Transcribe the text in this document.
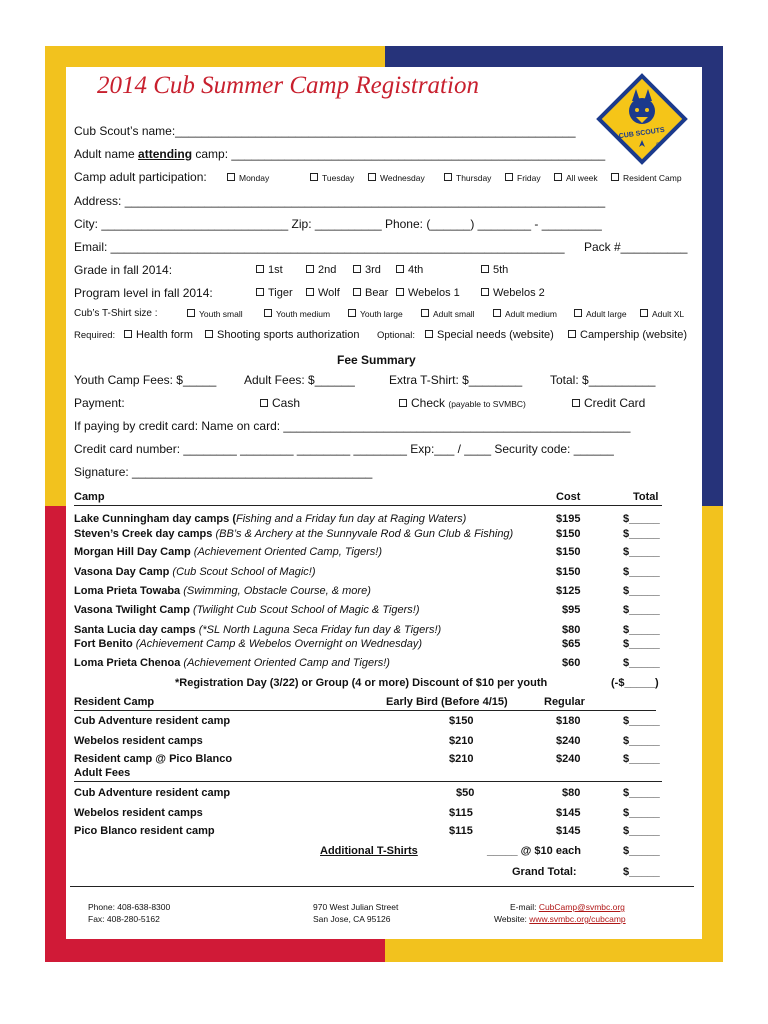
2014 Cub Summer Camp Registration
CUB SCOUTS
®
Cub Scout’s name:____________________________________________________________
Adult name attending camp: ________________________________________________________
Camp adult participation:	Monday	Tuesday	Wednesday	Thursday	Friday	All week	Resident Camp
Address: ________________________________________________________________________
City: ____________________________ Zip: __________ Phone: (______) ________ - _________
Email: ____________________________________________________________________ Pack #__________
Grade in fall 2014:	1st	2nd	3rd	4th	5th
Program level in fall 2014:	Tiger	Wolf	Bear	Webelos 1	Webelos 2
Cub’s T-Shirt size :	Youth small	Youth medium	Youth large	Adult small	Adult medium	Adult large	Adult XL
Required:	Health form	Shooting sports authorization Optional:	Special needs (website)	Campership (website)
Fee Summary
Youth Camp Fees: $_____ Adult Fees: $______	Extra T-Shirt: $________ Total: $__________
Payment:	Cash	Check (payable to SVMBC)	Credit Card
If paying by credit card: Name on card: ____________________________________________________
Credit card number: ________ ________ ________ ________ Exp:___ / ____ Security code: ______
Signature: ____________________________________
Camp	Cost	Total
Lake Cunningham day camps (Fishing and a Friday fun day at Raging Waters)	$195	$_____
Steven’s Creek day camps (BB’s & Archery at the Sunnyvale Rod & Gun Club & Fishing)	$150	$_____
Morgan Hill Day Camp (Achievement Oriented Camp, Tigers!)	$150	$_____
Vasona Day Camp (Cub Scout School of Magic!)	$150	$_____
Loma Prieta Towaba (Swimming, Obstacle Course, & more)	$125	$_____
Vasona Twilight Camp (Twilight Cub Scout School of Magic & Tigers!)	$95	$_____
Santa Lucia day camps (*SL North Laguna Seca Friday fun day & Tigers!)	$80	$_____
Fort Benito (Achievement Camp & Webelos Overnight on Wednesday)	$65	$_____
Loma Prieta Chenoa (Achievement Oriented Camp and Tigers!)	$60	$_____
*Registration Day (3/22) or Group (4 or more) Discount of $10 per youth	(-$_____)
Resident Camp	Early Bird (Before 4/15)	Regular
Cub Adventure resident camp	$150	$180	$_____
Webelos resident camps	$210	$240	$_____
Resident camp @ Pico Blanco	$210	$240	$_____
Adult Fees
Cub Adventure resident camp	$50	$80	$_____
Webelos resident camps	$115	$145	$_____
Pico Blanco resident camp	$115	$145	$_____
Additional T-Shirts	_____ @ $10 each	$_____
Grand Total:	$_____
Phone: 408-638-8300
Fax: 408-280-5162
970 West Julian Street
San Jose, CA 95126
E-mail: CubCamp@svmbc.org
Website: www.svmbc.org/cubcamp
